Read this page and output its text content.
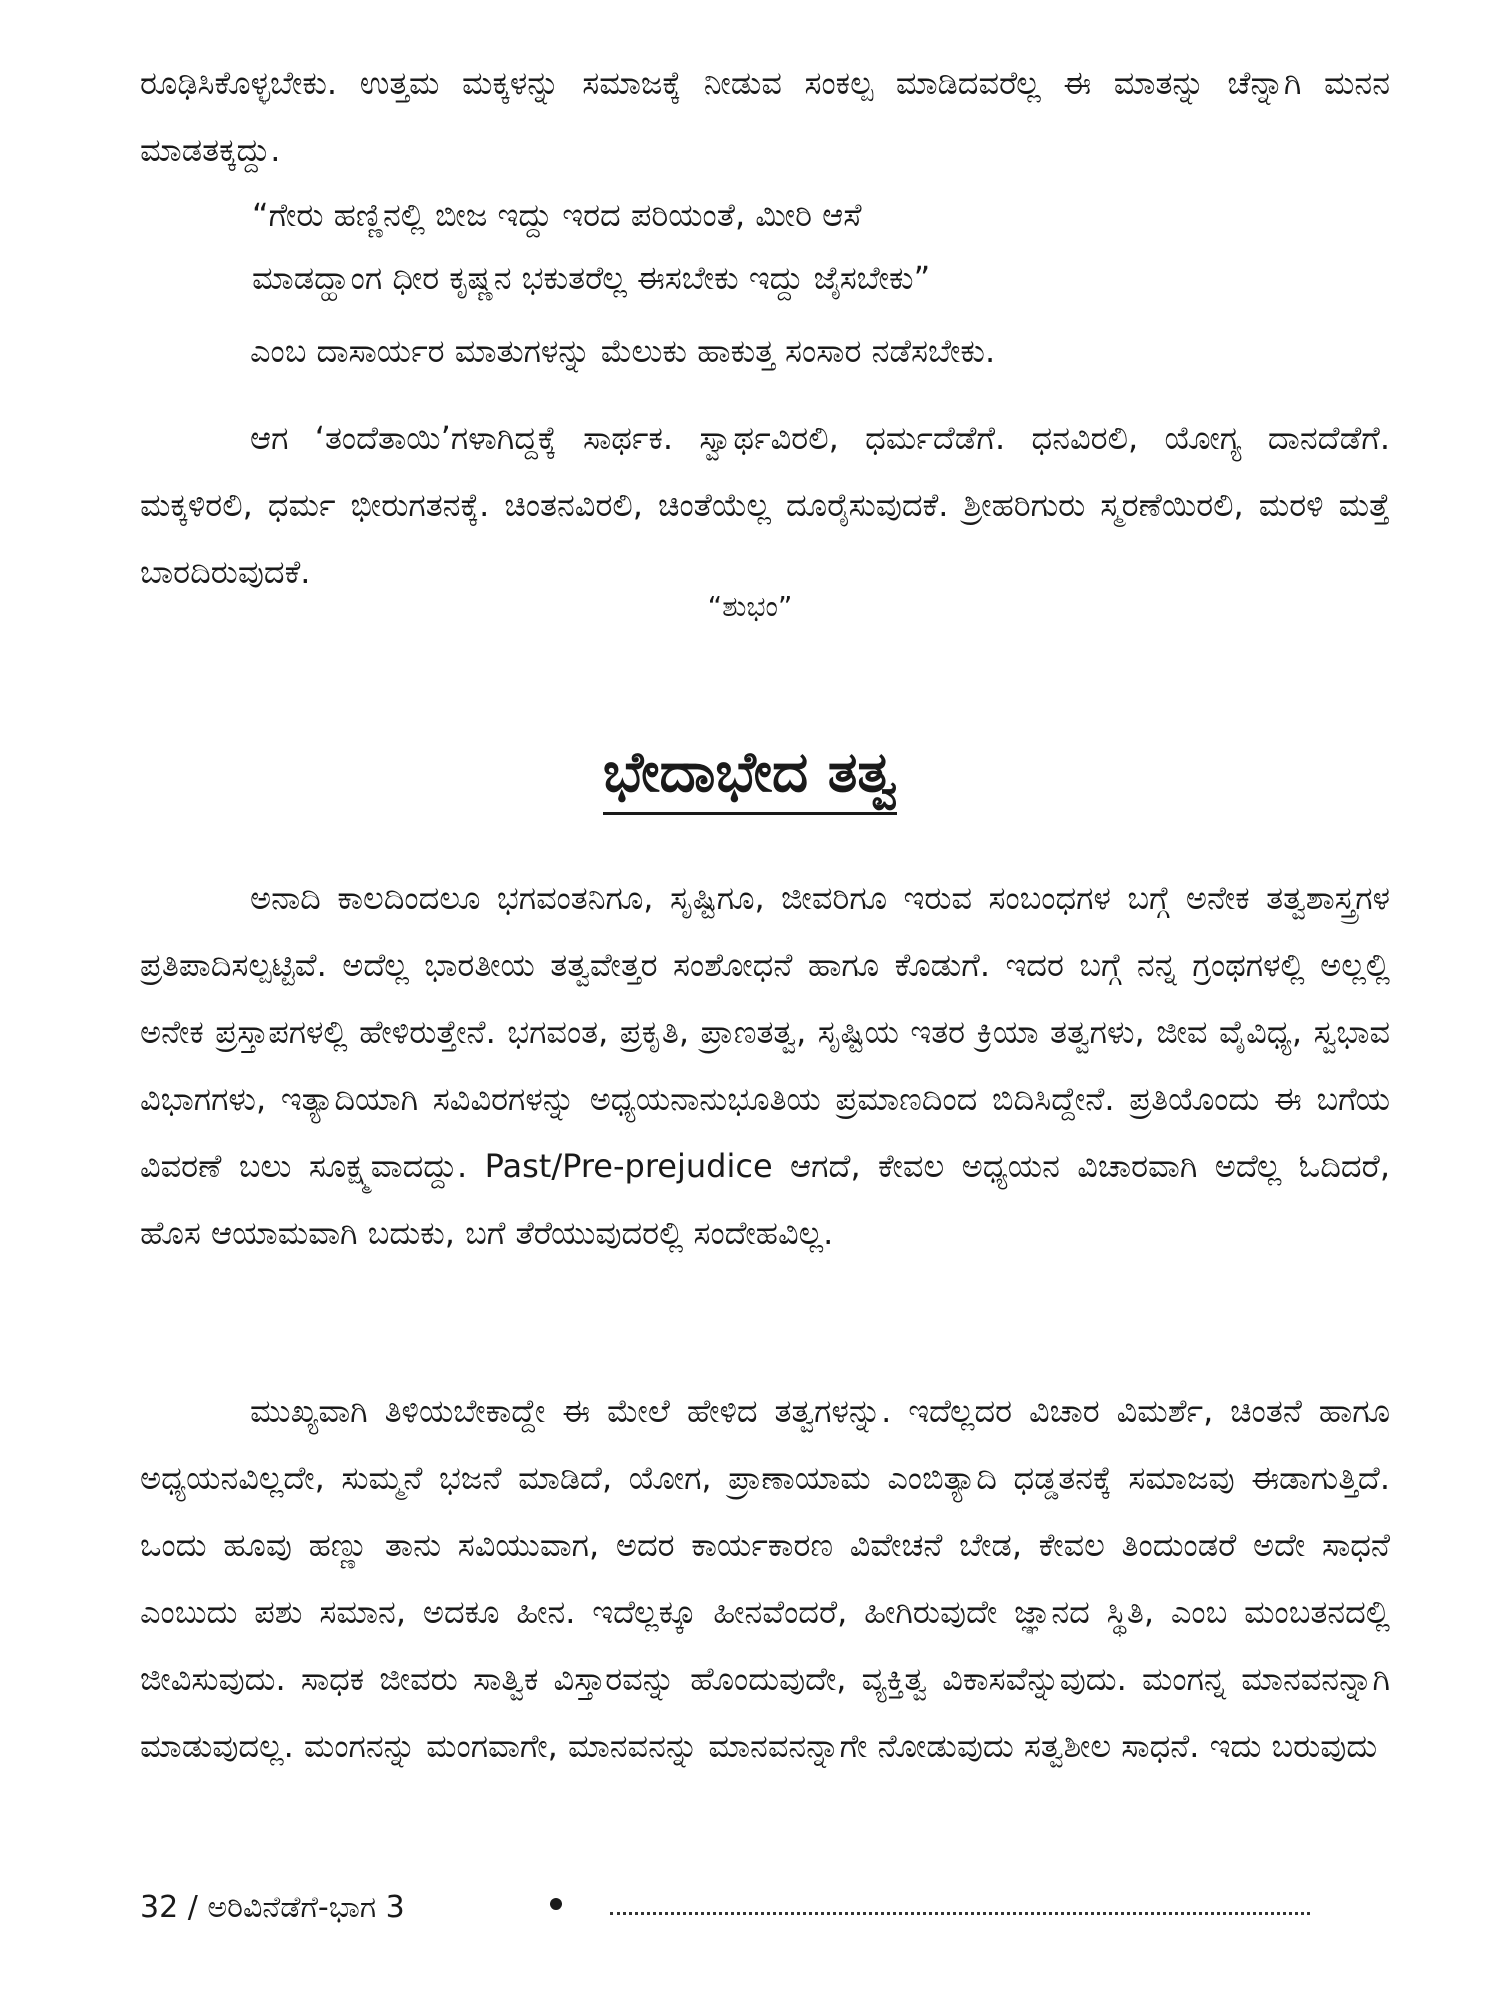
ರೂಢಿಸಿಕೊಳ್ಳಬೇಕು. ಉತ್ತಮ ಮಕ್ಕಳನ್ನು ಸಮಾಜಕ್ಕೆ ನೀಡುವ ಸಂಕಲ್ಪ ಮಾಡಿದವರೆಲ್ಲ ಈ ಮಾತನ್ನು ಚೆನ್ನಾಗಿ ಮನನ ಮಾಡತಕ್ಕದ್ದು.

“ಗೇರು ಹಣ್ಣಿನಲ್ಲಿ ಬೀಜ ಇದ್ದು ಇರದ ಪರಿಯಂತೆ, ಮೀರಿ ಆಸೆ
ಮಾಡದ್ಹಾಂಗ ಧೀರ ಕೃಷ್ಣನ ಭಕುತರೆಲ್ಲ ಈಸಬೇಕು ಇದ್ದು ಜೈಸಬೇಕು”

ಎಂಬ ದಾಸಾರ್ಯರ ಮಾತುಗಳನ್ನು ಮೆಲುಕು ಹಾಕುತ್ತ ಸಂಸಾರ ನಡೆಸಬೇಕು.

ಆಗ ‘ತಂದೆತಾಯಿ’ಗಳಾಗಿದ್ದಕ್ಕೆ ಸಾರ್ಥಕ. ಸ್ವಾರ್ಥವಿರಲಿ, ಧರ್ಮದೆಡೆಗೆ. ಧನವಿರಲಿ, ಯೋಗ್ಯ ದಾನದೆಡೆಗೆ. ಮಕ್ಕಳಿರಲಿ, ಧರ್ಮ ಭೀರುಗತನಕ್ಕೆ. ಚಿಂತನವಿರಲಿ, ಚಿಂತೆಯೆಲ್ಲ ದೂರೈಸುವುದಕೆ. ಶ್ರೀಹರಿಗುರು ಸ್ಮರಣೆಯಿರಲಿ, ಮರಳಿ ಮತ್ತೆ ಬಾರದಿರುವುದಕೆ.

“ಶುಭಂ”

ಭೇದಾಭೇದ ತತ್ವ

ಅನಾದಿ ಕಾಲದಿಂದಲೂ ಭಗವಂತನಿಗೂ, ಸೃಷ್ಟಿಗೂ, ಜೀವರಿಗೂ ಇರುವ ಸಂಬಂಧಗಳ ಬಗ್ಗೆ ಅನೇಕ ತತ್ವಶಾಸ್ತ್ರಗಳ ಪ್ರತಿಪಾದಿಸಲ್ಪಟ್ಟಿವೆ. ಅದೆಲ್ಲ ಭಾರತೀಯ ತತ್ವವೇತ್ತರ ಸಂಶೋಧನೆ ಹಾಗೂ ಕೊಡುಗೆ. ಇದರ ಬಗ್ಗೆ ನನ್ನ ಗ್ರಂಥಗಳಲ್ಲಿ ಅಲ್ಲಲ್ಲಿ ಅನೇಕ ಪ್ರಸ್ತಾಪಗಳಲ್ಲಿ ಹೇಳಿರುತ್ತೇನೆ. ಭಗವಂತ, ಪ್ರಕೃತಿ, ಪ್ರಾಣತತ್ವ, ಸೃಷ್ಟಿಯ ಇತರ ಕ್ರಿಯಾ ತತ್ವಗಳು, ಜೀವ ವೈವಿಧ್ಯ, ಸ್ವಭಾವ ವಿಭಾಗಗಳು, ಇತ್ಯಾದಿಯಾಗಿ ಸವಿವಿರಗಳನ್ನು ಅಧ್ಯಯನಾನುಭೂತಿಯ ಪ್ರಮಾಣದಿಂದ ಬಿದಿಸಿದ್ದೇನೆ. ಪ್ರತಿಯೊಂದು ಈ ಬಗೆಯ ವಿವರಣೆ ಬಲು ಸೂಕ್ಷ್ಮವಾದದ್ದು. Past/Pre-prejudice ಆಗದೆ, ಕೇವಲ ಅಧ್ಯಯನ ವಿಚಾರವಾಗಿ ಅದೆಲ್ಲ ಓದಿದರೆ, ಹೊಸ ಆಯಾಮವಾಗಿ ಬದುಕು, ಬಗೆ ತೆರೆಯುವುದರಲ್ಲಿ ಸಂದೇಹವಿಲ್ಲ.

ಮುಖ್ಯವಾಗಿ ತಿಳಿಯಬೇಕಾದ್ದೇ ಈ ಮೇಲೆ ಹೇಳಿದ ತತ್ವಗಳನ್ನು. ಇದೆಲ್ಲದರ ವಿಚಾರ ವಿಮರ್ಶೆ, ಚಿಂತನೆ ಹಾಗೂ ಅಧ್ಯಯನವಿಲ್ಲದೇ, ಸುಮ್ಮನೆ ಭಜನೆ ಮಾಡಿದೆ, ಯೋಗ, ಪ್ರಾಣಾಯಾಮ ಎಂಬಿತ್ಯಾದಿ ಧಡ್ಡತನಕ್ಕೆ ಸಮಾಜವು ಈಡಾಗುತ್ತಿದೆ. ಒಂದು ಹೂವು ಹಣ್ಣು ತಾನು ಸವಿಯುವಾಗ, ಅದರ ಕಾರ್ಯಕಾರಣ ವಿವೇಚನೆ ಬೇಡ, ಕೇವಲ ತಿಂದುಂಡರೆ ಅದೇ ಸಾಧನೆ ಎಂಬುದು ಪಶು ಸಮಾನ, ಅದಕೂ ಹೀನ. ಇದೆಲ್ಲಕ್ಕೂ ಹೀನವೆಂದರೆ, ಹೀಗಿರುವುದೇ ಜ್ಞಾನದ ಸ್ಥಿತಿ, ಎಂಬ ಮಂಬತನದಲ್ಲಿ ಜೀವಿಸುವುದು. ಸಾಧಕ ಜೀವರು ಸಾತ್ವಿಕ ವಿಸ್ತಾರವನ್ನು ಹೊಂದುವುದೇ, ವ್ಯಕ್ತಿತ್ವ ವಿಕಾಸವೆನ್ನುವುದು. ಮಂಗನ್ನ ಮಾನವನನ್ನಾಗಿ ಮಾಡುವುದಲ್ಲ. ಮಂಗನನ್ನು ಮಂಗವಾಗೇ, ಮಾನವನನ್ನು ಮಾನವನನ್ನಾಗೇ ನೋಡುವುದು ಸತ್ವಶೀಲ ಸಾಧನೆ. ಇದು ಬರುವುದು

32 / ಅರಿವಿನೆಡೆಗೆ-ಭಾಗ 3
